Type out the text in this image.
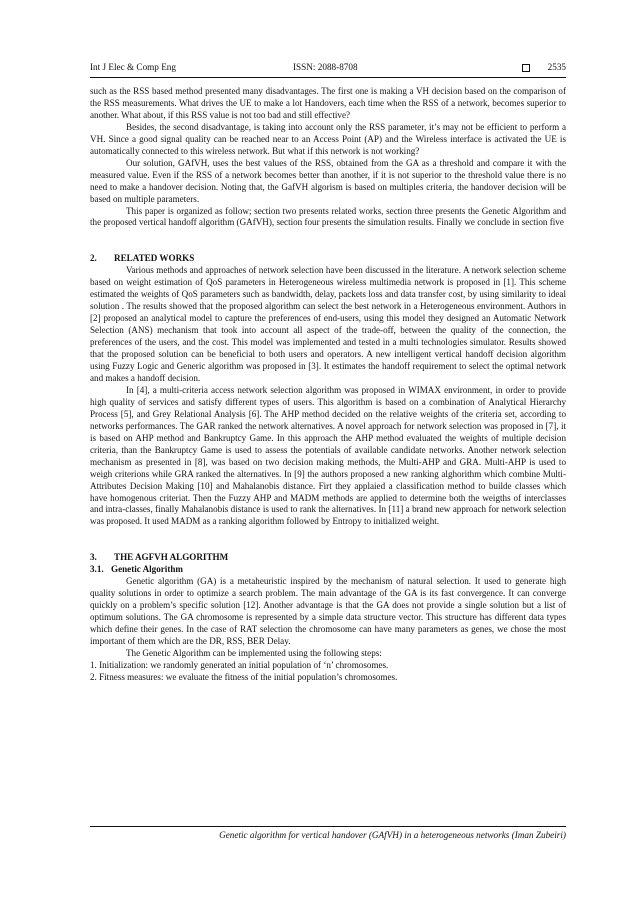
Int J Elec & Comp Eng	ISSN: 2088-8708	2535

such as the RSS based method presented many disadvantages. The first one is making a VH decision based on the comparison of the RSS measurements. What drives the UE to make a lot Handovers, each time when the RSS of a network, becomes superior to another. What about, if this RSS value is not too bad and still effective?

Besides, the second disadvantage, is taking into account only the RSS parameter, it’s may not be efficient to perform a VH. Since a good signal quality can be reached near to an Access Point (AP) and the Wireless interface is activated the UE is automatically connected to this wireless network. But what if this network is not working?

Our solution, GAfVH, uses the best values of the RSS, obtained from the GA as a threshold and compare it with the measured value. Even if the RSS of a network becomes better than another, if it is not superior to the threshold value there is no need to make a handover decision. Noting that, the GafVH algorism is based on multiples criteria, the handover decision will be based on multiple parameters.

This paper is organized as follow; section two presents related works, section three presents the Genetic Algorithm and the proposed vertical handoff algorithm (GAfVH), section four presents the simulation results. Finally we conclude in section five

2. RELATED WORKS

Various methods and approaches of network selection have been discussed in the literature. A network selection scheme based on weight estimation of QoS parameters in Heterogeneous wireless multimedia network is proposed in [1]. This scheme estimated the weights of QoS parameters such as bandwidth, delay, packets loss and data transfer cost, by using similarity to ideal solution . The results showed that the proposed algorithm can select the best network in a Heterogeneous environment. Authors in [2] proposed an analytical model to capture the preferences of end-users, using this model they designed an Automatic Network Selection (ANS) mechanism that took into account all aspect of the trade-off, between the quality of the connection, the preferences of the users, and the cost. This model was implemented and tested in a multi technologies simulator. Results showed that the proposed solution can be beneficial to both users and operators. A new intelligent vertical handoff decision algorithm using Fuzzy Logic and Generic algorithm was proposed in [3]. It estimates the handoff requirement to select the optimal network and makes a handoff decision.

In [4], a multi-criteria access network selection algorithm was proposed in WIMAX environment, in order to provide high quality of services and satisfy different types of users. This algorithm is based on a combination of Analytical Hierarchy Process [5], and Grey Relational Analysis [6]. The AHP method decided on the relative weights of the criteria set, according to networks performances. The GAR ranked the network alternatives. A novel approach for network selection was proposed in [7], it is based on AHP method and Bankruptcy Game. In this approach the AHP method evaluated the weights of multiple decision criteria, than the Bankruptcy Game is used to assess the potentials of available candidate networks. Another network selection mechanism as presented in [8], was based on two decision making methods, the Multi-AHP and GRA. Multi-AHP is used to weigh criterions while GRA ranked the alternatives. In [9] the authors proposed a new ranking alghorithm which combine Multi-Attributes Decision Making [10] and Mahalanobis distance. Firt they applaied a classification method to builde classes which have homogenous criteriat. Then the Fuzzy AHP and MADM methods are applied to determine both the weigths of interclasses and intra-classes, finally Mahalanobis distance is used to rank the alternatives. In [11] a brand new approach for network selection was proposed. It used MADM as a ranking algorithm followed by Entropy to initialized weight.

3. THE AGFVH ALGORITHM

3.1. Genetic Algorithm

Genetic algorithm (GA) is a metaheuristic inspired by the mechanism of natural selection. It used to generate high quality solutions in order to optimize a search problem. The main advantage of the GA is its fast convergence. It can converge quickly on a problem’s specific solution [12]. Another advantage is that the GA does not provide a single solution but a list of optimum solutions. The GA chromosome is represented by a simple data structure vector. This structure has different data types which define their genes. In the case of RAT selection the chromosome can have many parameters as genes, we chose the most important of them which are the DR, RSS, BER Delay.

The Genetic Algorithm can be implemented using the following steps:

1. Initialization: we randomly generated an initial population of ‘n’ chromosomes.

2. Fitness measures: we evaluate the fitness of the initial population’s chromosomes.

Genetic algorithm for vertical handover (GAfVH) in a heterogeneous networks (Iman Zubeiri)
